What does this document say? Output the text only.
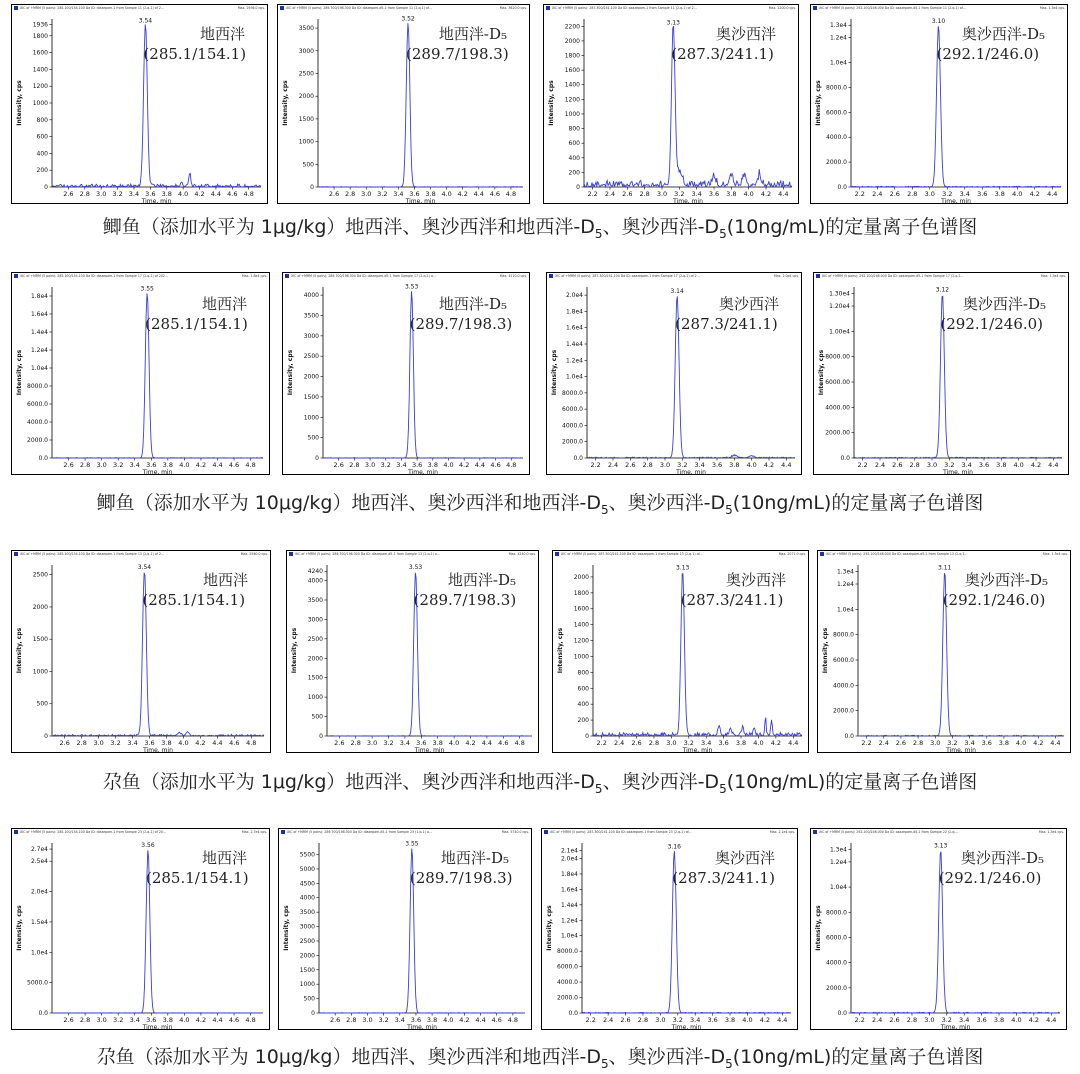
XIC of +MRM (5 pairs): 285.100/154.100 Da ID: diazepam-1 from Sample 11 (2-q-1) of 2...	Max. 1936.0 cps.
2.6 2.8 3.0 3.2 3.4 3.6 3.8 4.0 4.2 4.4 4.6 4.8
0
200
400
600
800
1000
1200
1400
1600
1800
1936
Time, min
Intensity, cps
3.54
地西泮
(285.1/154.1)
XIC of +MRM (5 pairs): 289.700/198.300 Da ID: diazepam-d5-1 from Sample 11 (2-q-1) of...	Max. 3620.0 cps.
2.6 2.8 3.0 3.2 3.4 3.6 3.8 4.0 4.2 4.4 4.6 4.8
0
500
1000
1500
2000
2500
3000
3500
Time, min
Intensity, cps
3.52
地西泮-D₅
(289.7/198.3)
XIC of +MRM (5 pairs): 287.300/241.100 Da ID: oxazepam-1 from Sample 11 (2-q-1) of 2...	Max. 2200.0 cps.
2.2 2.4 2.6 2.8 3.0 3.2 3.4 3.6 3.8 4.0 4.2 4.4
0
200
400
600
800
1000
1200
1400
1600
1800
2000
2200
Time, min
Intensity, cps
3.13
奥沙西泮
(287.3/241.1)
XIC of +MRM (5 pairs): 292.100/246.000 Da ID: oxazepam-d5-1 from Sample 11 (2-q-1) of...	Max. 1.3e4 cps.
2.2 2.4 2.6 2.8 3.0 3.2 3.4 3.6 3.8 4.0 4.2 4.4
0.0
2000.0
4000.0
6000.0
8000.0
1.0e4
1.2e4
1.3e4
Time, min
Intensity, cps
3.10
奥沙西泮-D₅
(292.1/246.0)
鲫鱼（添加水平为 1μg/kg）地西泮、奥沙西泮和地西泮$-D_5$、奥沙西泮$-D_5(10ng/mL)$的定量离子色谱图
XIC of +MRM (5 pairs): 285.100/154.100 Da ID: diazepam-1 from Sample 17 (2-q-1) of 202...	Max. 1.8e4 cps.
2.6 2.8 3.0 3.2 3.4 3.6 3.8 4.0 4.2 4.4 4.6 4.8
0.0
2000.0
4000.0
6000.0
8000.0
1.0e4
1.2e4
1.4e4
1.6e4
1.8e4
Time, min
Intensity, cps
3.55
地西泮
(285.1/154.1)
XIC of +MRM (5 pairs): 289.700/198.300 Da ID: diazepam-d5-1 from Sample 17 (2-q-1) o...	Max. 4110.0 cps.
2.6 2.8 3.0 3.2 3.4 3.6 3.8 4.0 4.2 4.4 4.6 4.8
0
500
1000
1500
2000
2500
3000
3500
4000
Time, min
Intensity, cps
3.53
地西泮-D₅
(289.7/198.3)
XIC of +MRM (5 pairs): 287.300/241.100 Da ID: oxazepam-1 from Sample 17 (2-q-1) of 2...	Max. 2.0e4 cps.
2.2 2.4 2.6 2.8 3.0 3.2 3.4 3.6 3.8 4.0 4.2 4.4
0.0
2000.0
4000.0
6000.0
8000.0
1.0e4
1.2e4
1.4e4
1.6e4
1.8e4
2.0e4
Time, min
Intensity, cps
3.14
奥沙西泮
(287.3/241.1)
XIC of +MRM (5 pairs): 292.100/246.000 Da ID: oxazepam-d5-1 from Sample 17 (2-q-1...	Max. 1.3e4 cps.
2.2 2.4 2.6 2.8 3.0 3.2 3.4 3.6 3.8 4.0 4.2 4.4
0.0
2000.00
4000.00
6000.00
8000.00
1.00e4
1.20e4
1.30e4
Time, min
Intensity, cps
3.12
奥沙西泮-D₅
(292.1/246.0)
鲫鱼（添加水平为 10μg/kg）地西泮、奥沙西泮和地西泮$-D_5$、奥沙西泮$-D_5(10ng/mL)$的定量离子色谱图
XIC of +MRM (5 pairs): 285.100/154.100 Da ID: diazepam-1 from Sample 13 (2-q-1) of 2...	Max. 2560.0 cps.
2.6 2.8 3.0 3.2 3.4 3.6 3.8 4.0 4.2 4.4 4.6 4.8
0
500
1000
1500
2000
2500
Time, min
Intensity, cps
3.54
地西泮
(285.1/154.1)
XIC of +MRM (5 pairs): 289.700/198.300 Da ID: diazepam-d5-1 from Sample 13 (2-q-1) o...	Max. 4240.0 cps.
2.6 2.8 3.0 3.2 3.4 3.6 3.8 4.0 4.2 4.4 4.6 4.8
0
500
1000
1500
2000
2500
3000
3500
4000
4240
Time, min
Intensity, cps
3.53
地西泮-D₅
(289.7/198.3)
XIC of +MRM (5 pairs): 287.300/241.100 Da ID: oxazepam-1 from Sample 13 (2-q-1) of...	Max. 2071.0 cps.
2.2 2.4 2.6 2.8 3.0 3.2 3.4 3.6 3.8 4.0 4.2 4.4
0
200
400
600
800
1000
1200
1400
1600
1800
2000
Time, min
Intensity, cps
3.13
奥沙西泮
(287.3/241.1)
XIC of +MRM (5 pairs): 292.100/246.000 Da ID: oxazepam-d5-1 from Sample 13 (2-q-1...	Max. 1.3e4 cps.
2.2 2.4 2.6 2.8 3.0 3.2 3.4 3.6 3.8 4.0 4.2 4.4
0.0
2000.0
4000.0
6000.0
8000.0
1.0e4
1.2e4
1.3e4
Time, min
Intensity, cps
3.11
奥沙西泮-D₅
(292.1/246.0)
尕鱼（添加水平为 1μg/kg）地西泮、奥沙西泮和地西泮$-D_5$、奥沙西泮$-D_5(10ng/mL)$的定量离子色谱图
XIC of +MRM (5 pairs): 285.100/154.100 Da ID: diazepam-1 from Sample 23 (2-q-1) of 20...	Max. 2.7e4 cps.
2.6 2.8 3.0 3.2 3.4 3.6 3.8 4.0 4.2 4.4 4.6 4.8
0.0
5000.0
1.0e4
1.5e4
2.0e4
2.5e4
2.7e4
Time, min
Intensity, cps
3.56
地西泮
(285.1/154.1)
XIC of +MRM (5 pairs): 289.700/198.300 Da ID: diazepam-d5-1 from Sample 23 (1-b-1) o...	Max. 5740.0 cps.
2.6 2.8 3.0 3.2 3.4 3.6 3.8 4.0 4.2 4.4 4.6 4.8
0
500
1000
1500
2000
2500
3000
3500
4000
4500
5000
5500
Time, min
Intensity, cps
3.55
地西泮-D₅
(289.7/198.3)
XIC of +MRM (5 pairs): 287.300/241.100 Da ID: oxazepam-1 from Sample 23 (2-q-1) of...	Max. 2.1e4 cps.
2.2 2.4 2.6 2.8 3.0 3.2 3.4 3.6 3.8 4.0 4.2 4.4
0.0
2000.0
4000.0
6000.0
8000.0
1.0e4
1.2e4
1.4e4
1.6e4
1.8e4
2.0e4
2.1e4
Time, min
Intensity, cps
3.16
奥沙西泮
(287.3/241.1)
XIC of +MRM (5 pairs): 292.100/246.000 Da ID: oxazepam-d5-1 from Sample 22 (2-q-...	Max. 1.3e4 cps.
2.2 2.4 2.6 2.8 3.0 3.2 3.4 3.6 3.8 4.0 4.2 4.4
0.0
2000.0
4000.0
6000.0
8000.0
1.0e4
1.2e4
1.3e4
Time, min
Intensity, cps
3.13
奥沙西泮-D₅
(292.1/246.0)
尕鱼（添加水平为 10μg/kg）地西泮、奥沙西泮和地西泮$-D_5$、奥沙西泮$-D_5(10ng/mL)$的定量离子色谱图
